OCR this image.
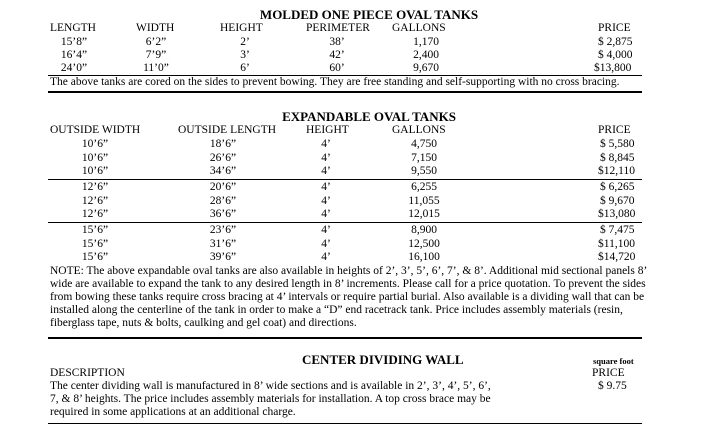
MOLDED ONE PIECE OVAL TANKS
LENGTH	WIDTH	HEIGHT	PERIMETER GALLONS	PRICE
15’8”	6’2”	2’	38’	1,170	$ 2,875
16’4”	7’9”	3’	42’	2,400	$ 4,000
24’0”	11’0”	6’	60’	9,670	$13,800
The above tanks are cored on the sides to prevent bowing. They are free standing and self-supporting with no cross bracing.
EXPANDABLE OVAL TANKS
OUTSIDE WIDTH	OUTSIDE LENGTH	HEIGHT	GALLONS	PRICE
10’6”	18’6”	4’	4,750	$ 5,580
10’6”	26’6”	4’	7,150	$ 8,845
10’6”	34’6”	4’	9,550	$12,110
12’6”	20’6”	4’	6,255	$ 6,265
12’6”	28’6”	4’	11,055	$ 9,670
12’6”	36’6”	4’	12,015	$13,080
15’6”	23’6”	4’	8,900	$ 7,475
15’6”	31’6”	4’	12,500	$11,100
15’6”	39’6”	4’	16,100	$14,720
NOTE: The above expandable oval tanks are also available in heights of 2’, 3’, 5’, 6’, 7’, & 8’. Additional mid sectional panels 8’
wide are available to expand the tank to any desired length in 8’ increments. Please call for a price quotation. To prevent the sides
from bowing these tanks require cross bracing at 4’ intervals or require partial burial. Also available is a dividing wall that can be
installed along the centerline of the tank in order to make a “D” end racetrack tank. Price includes assembly materials (resin,
fiberglass tape, nuts & bolts, caulking and gel coat) and directions.
CENTER DIVIDING WALL	square foot
DESCRIPTION	PRICE
The center dividing wall is manufactured in 8’ wide sections and is available in 2’, 3’, 4’, 5’, 6’,	$ 9.75
7, & 8’ heights. The price includes assembly materials for installation. A top cross brace may be
required in some applications at an additional charge.
